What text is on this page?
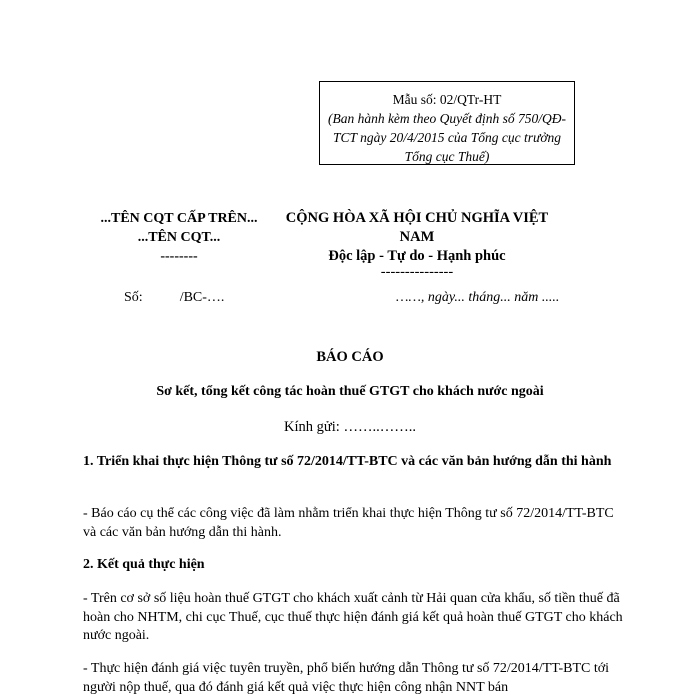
Mẫu số: 02/QTr-HT
(Ban hành kèm theo Quyết định số 750/QĐ-TCT ngày 20/4/2015 của Tổng cục trưởng Tổng cục Thuế)
...TÊN CQT CẤP TRÊN...
...TÊN CQT...
--------
CỘNG HÒA XÃ HỘI CHỦ NGHĨA VIỆT
NAM
Độc lập - Tự do - Hạnh phúc
---------------
Số:	/BC-….	……, ngày... tháng... năm .....
BÁO CÁO
Sơ kết, tổng kết công tác hoàn thuế GTGT cho khách nước ngoài
Kính gửi: ……..……..
1. Triển khai thực hiện Thông tư số 72/2014/TT-BTC và các văn bản hướng dẫn thi hành
- Báo cáo cụ thể các công việc đã làm nhằm triển khai thực hiện Thông tư số 72/2014/TT-BTC và các văn bản hướng dẫn thi hành.
2. Kết quả thực hiện
- Trên cơ sở số liệu hoàn thuế GTGT cho khách xuất cảnh từ Hải quan cửa khẩu, số tiền thuế đã hoàn cho NHTM, chi cục Thuế, cục thuế thực hiện đánh giá kết quả hoàn thuế GTGT cho khách nước ngoài.
- Thực hiện đánh giá việc tuyên truyền, phổ biến hướng dẫn Thông tư số 72/2014/TT-BTC tới người nộp thuế, qua đó đánh giá kết quả việc thực hiện công nhận NNT bán
